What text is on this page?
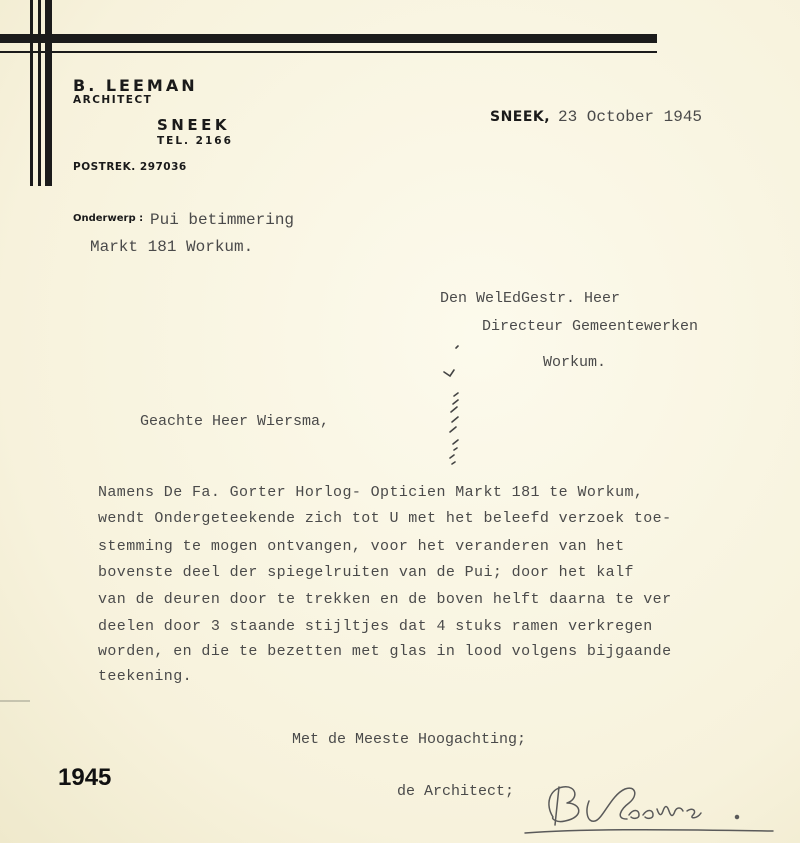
B. LEEMAN
ARCHITECT
SNEEK
TEL. 2166
POSTREK. 297036
SNEEK, 23 October 1945
Onderwerp : Pui betimmering
Markt 181 Workum.
Den WelEdGestr. Heer
Directeur Gemeentewerken
Workum.
Geachte Heer Wiersma,
Namens De Fa. Gorter Horlog- Opticien Markt 181 te Workum,
wendt Ondergeteekende zich tot U met het beleefd verzoek toe-
stemming te mogen ontvangen, voor het veranderen van het
bovenste deel der spiegelruiten van de Pui; door het kalf
van de deuren door te trekken en de boven helft daarna te ver
deelen door 3 staande stijltjes dat 4 stuks ramen verkregen
worden, en die te bezetten met glas in lood volgens bijgaande
teekening.
Met de Meeste Hoogachting;
de Architect;
1945
